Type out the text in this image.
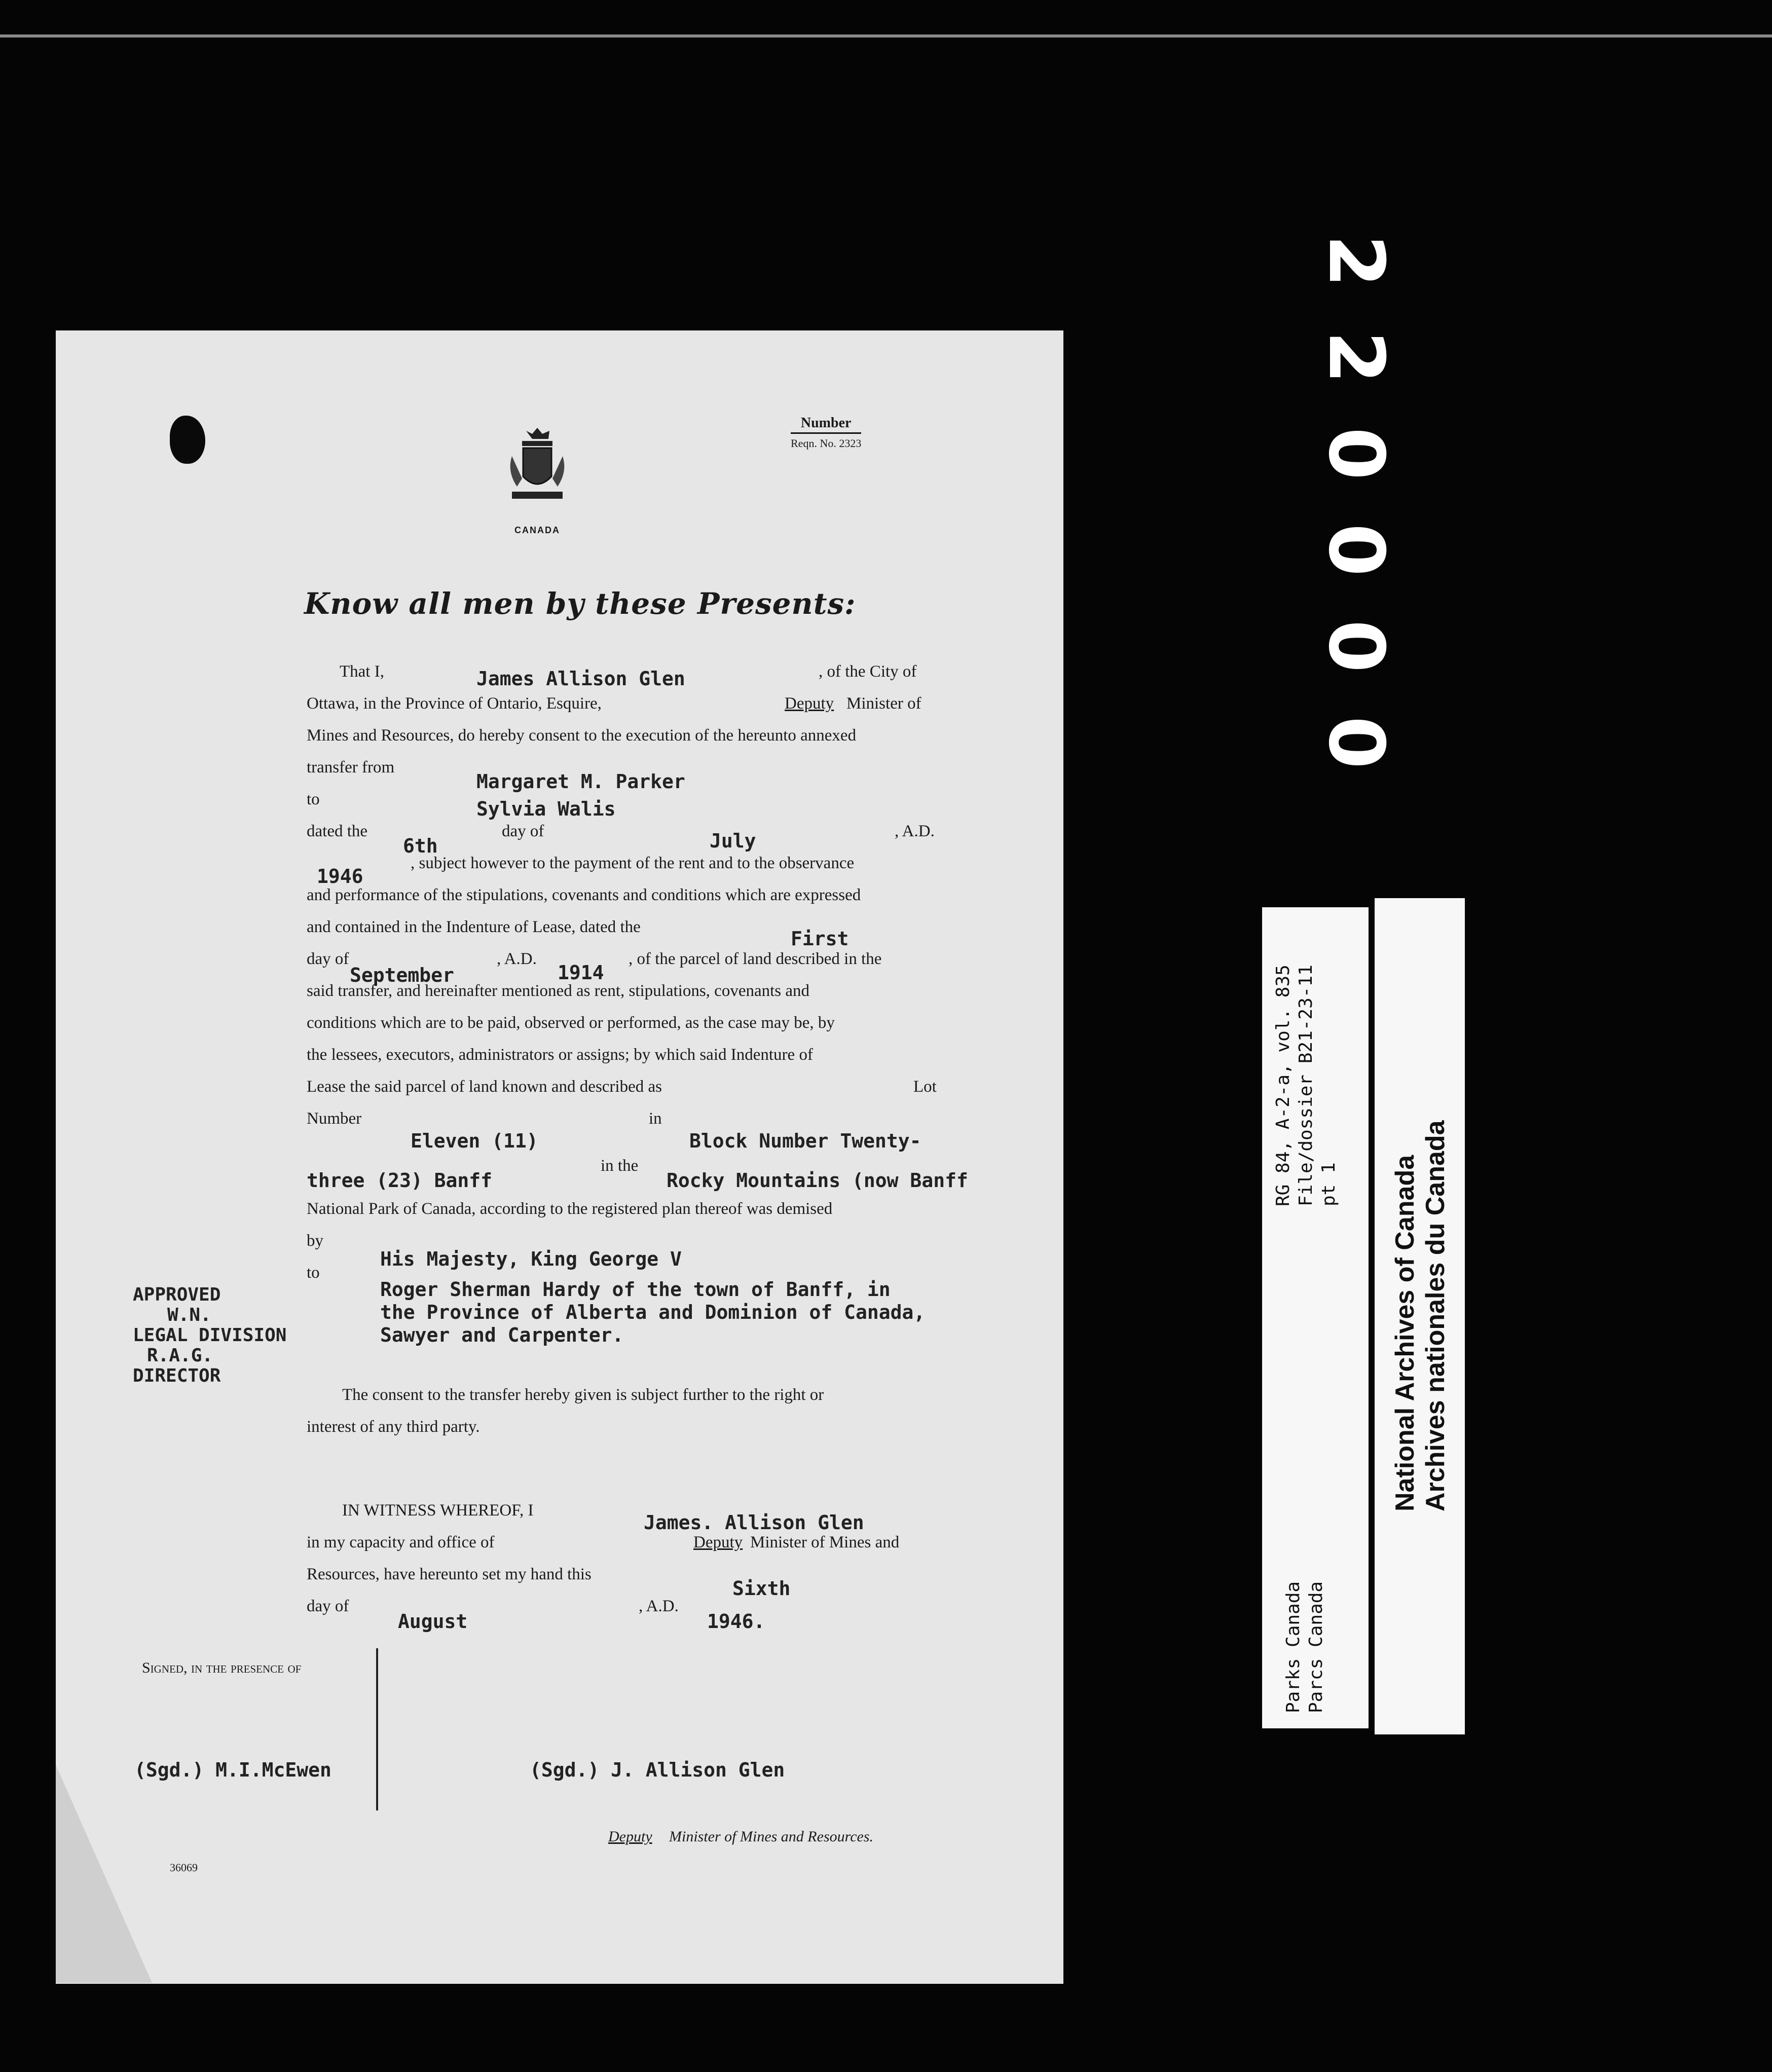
2
2
0
0
0
0
RG 84, A-2-a, vol. 835 File/dossier B21-23-11 pt 1
Parks Canada Parcs Canada
National Archives of Canada Archives nationales du Canada
Number
Reqn. No. 2323
CANADA
Know all men by these Presents:
That I,	James Allison Glen	, of the City of
Ottawa, in the Province of Ontario, Esquire,	Deputy Minister of
Mines and Resources, do hereby consent to the execution of the hereunto annexed
transfer from
Margaret M. Parker
to	Sylvia Walis
dated the
6th
day of	July	, A.D.
1946
, subject however to the payment of the rent and to the observance
and performance of the stipulations, covenants and conditions which are expressed
and contained in the Indenture of Lease, dated the
First
day of
September
, A.D.
1914
, of the parcel of land described in the
said transfer, and hereinafter mentioned as rent, stipulations, covenants and
conditions which are to be paid, observed or performed, as the case may be, by
the lessees, executors, administrators or assigns; by which said Indenture of
Lease the said parcel of land known and described as	Lot
Number
Eleven (11)
in
Block Number Twenty-
three (23) Banff
in the
Rocky Mountains (now Banff
National Park of Canada, according to the registered plan thereof was demised
by
His Majesty, King George V
to
Roger Sherman Hardy of the town of Banff, in
the Province of Alberta and Dominion of Canada,
Sawyer and Carpenter.
APPROVED
W.N.
LEGAL DIVISION
R.A.G.
DIRECTOR
The consent to the transfer hereby given is subject further to the right or
interest of any third party.
IN WITNESS WHEREOF, I
James. Allison Glen
in my capacity and office of	Deputy Minister of Mines and
Resources, have hereunto set my hand this
Sixth
day of
August
, A.D.
1946.
Signed, in the presence of
(Sgd.) M.I.McEwen	(Sgd.) J. Allison Glen
Deputy Minister of Mines and Resources.
36069
